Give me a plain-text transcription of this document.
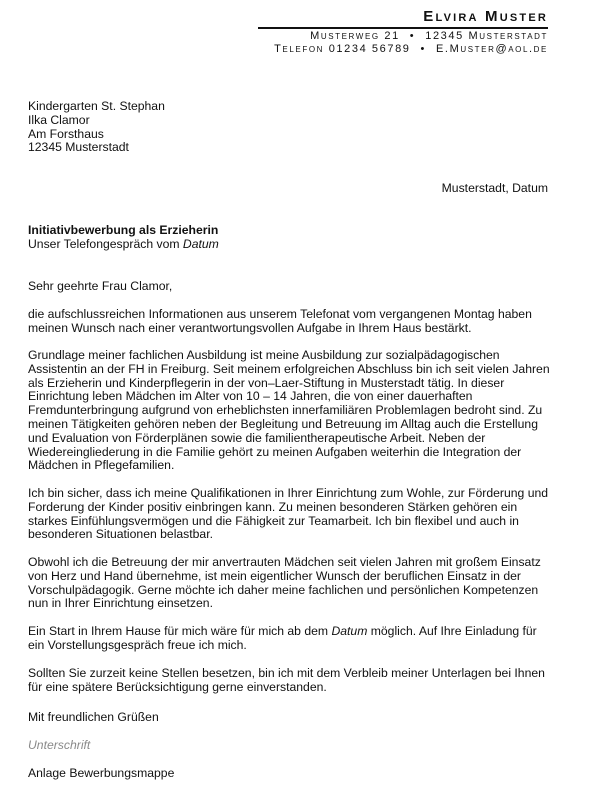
Elvira Muster
Musterweg 21 • 12345 Musterstadt
Telefon 01234 56789 • E.Muster@aol.de
Kindergarten St. Stephan
Ilka Clamor
Am Forsthaus
12345 Musterstadt
Musterstadt, Datum
Initiativbewerbung als Erzieherin
Unser Telefongespräch vom Datum

Sehr geehrte Frau Clamor,

die aufschlussreichen Informationen aus unserem Telefonat vom vergangenen Montag haben meinen Wunsch nach einer verantwortungsvollen Aufgabe in Ihrem Haus bestärkt.

Grundlage meiner fachlichen Ausbildung ist meine Ausbildung zur sozialpädagogischen Assistentin an der FH in Freiburg. Seit meinem erfolgreichen Abschluss bin ich seit vielen Jahren als Erzieherin und Kinderpflegerin in der von–Laer-Stiftung in Musterstadt tätig. In dieser Einrichtung leben Mädchen im Alter von 10 – 14 Jahren, die von einer dauerhaften Fremdunterbringung aufgrund von erheblichsten innerfamiliären Problemlagen bedroht sind. Zu meinen Tätigkeiten gehören neben der Begleitung und Betreuung im Alltag auch die Erstellung und Evaluation von Förderplänen sowie die familientherapeutische Arbeit. Neben der Wiedereingliederung in die Familie gehört zu meinen Aufgaben weiterhin die Integration der Mädchen in Pflegefamilien.

Ich bin sicher, dass ich meine Qualifikationen in Ihrer Einrichtung zum Wohle, zur Förderung und Forderung der Kinder positiv einbringen kann. Zu meinen besonderen Stärken gehören ein starkes Einfühlungsvermögen und die Fähigkeit zur Teamarbeit. Ich bin flexibel und auch in besonderen Situationen belastbar.

Obwohl ich die Betreuung der mir anvertrauten Mädchen seit vielen Jahren mit großem Einsatz von Herz und Hand übernehme, ist mein eigentlicher Wunsch der beruflichen Einsatz in der Vorschulpädagogik. Gerne möchte ich daher meine fachlichen und persönlichen Kompetenzen nun in Ihrer Einrichtung einsetzen.

Ein Start in Ihrem Hause für mich wäre für mich ab dem Datum möglich. Auf Ihre Einladung für ein Vorstellungsgespräch freue ich mich.

Sollten Sie zurzeit keine Stellen besetzen, bin ich mit dem Verbleib meiner Unterlagen bei Ihnen für eine spätere Berücksichtigung gerne einverstanden.

Mit freundlichen Grüßen

Unterschrift

Anlage Bewerbungsmappe
